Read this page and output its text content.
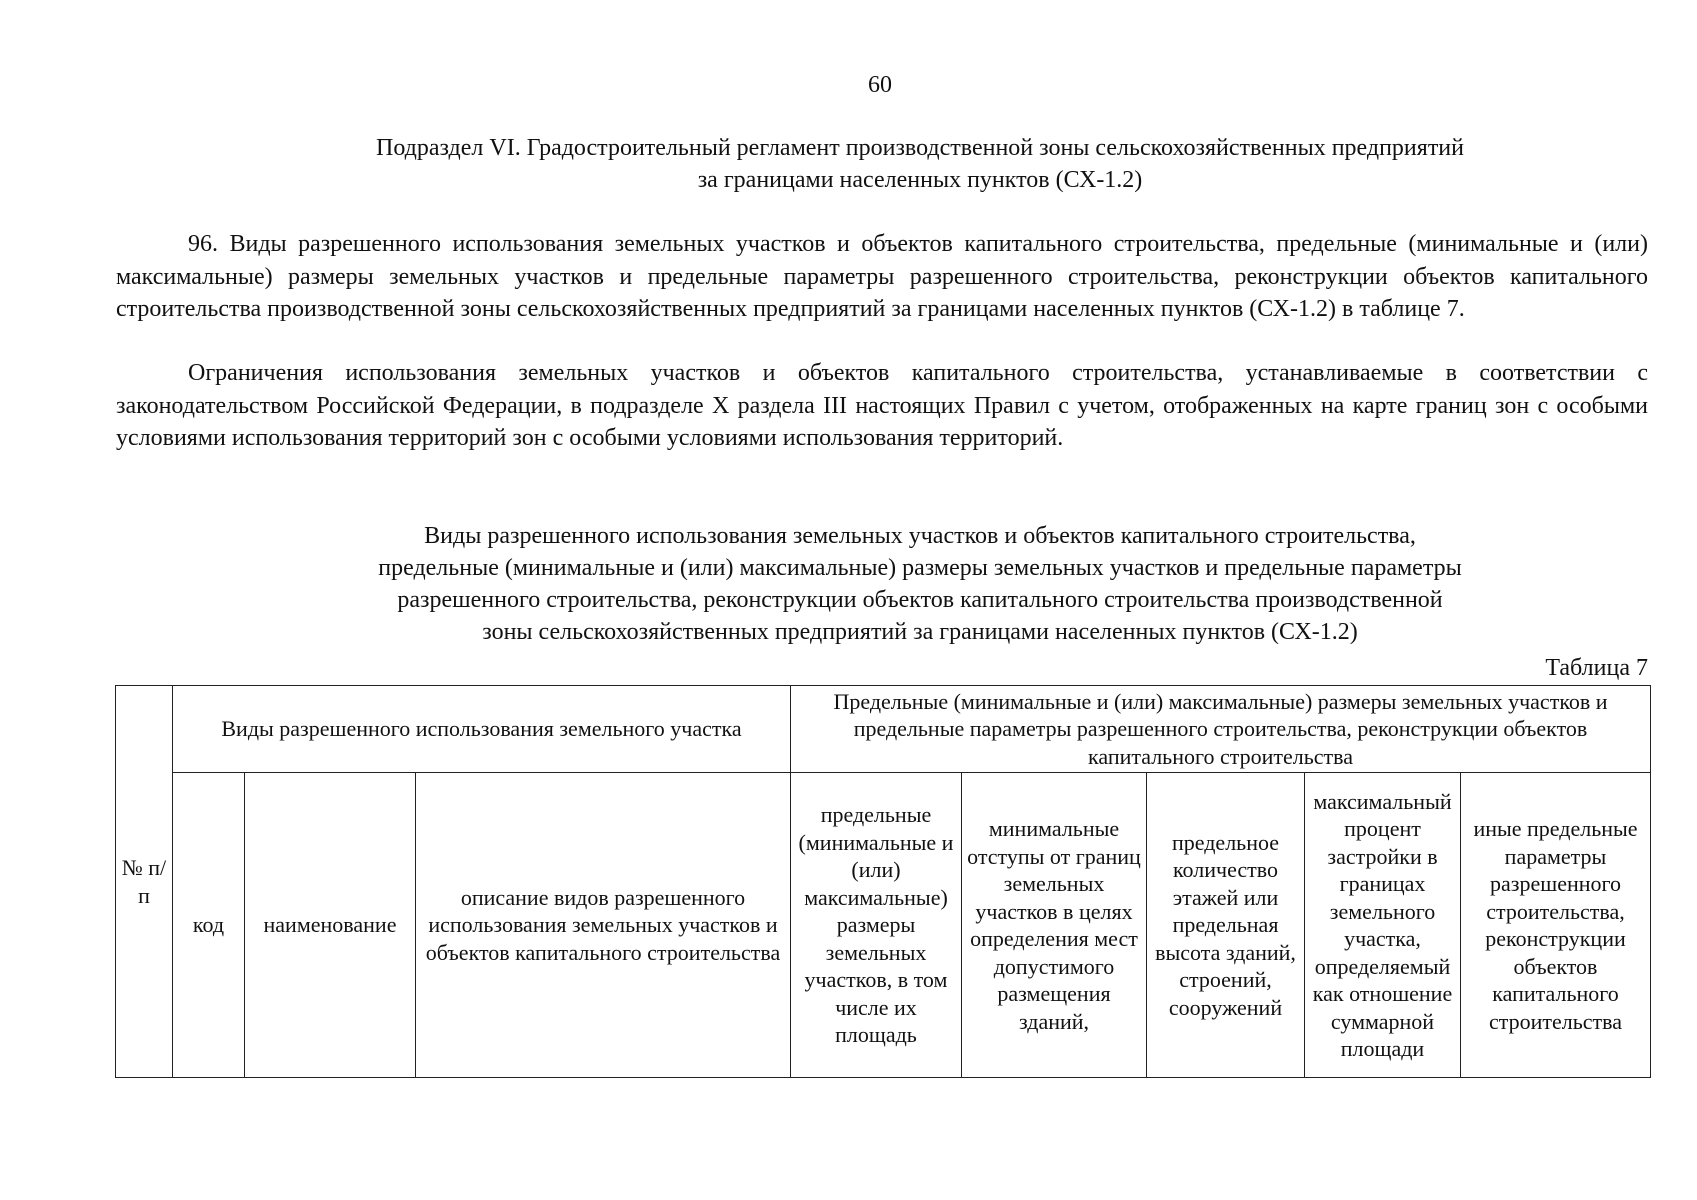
60
Подраздел VI. Градостроительный регламент производственной зоны сельскохозяйственных предприятий
за границами населенных пунктов (СХ-1.2)

96. Виды разрешенного использования земельных участков и объектов капитального строительства, предельные (минимальные и (или) максимальные) размеры земельных участков и предельные параметры разрешенного строительства, реконструкции объектов капитального строительства производственной зоны сельскохозяйственных предприятий за границами населенных пунктов (СХ-1.2) в таблице 7.

Ограничения использования земельных участков и объектов капитального строительства, устанавливаемые в соответствии с законодательством Российской Федерации, в подразделе X раздела III настоящих Правил с учетом, отображенных на карте границ зон с особыми условиями использования территорий зон с особыми условиями использования территорий.

Виды разрешенного использования земельных участков и объектов капитального строительства,
предельные (минимальные и (или) максимальные) размеры земельных участков и предельные параметры
разрешенного строительства, реконструкции объектов капитального строительства производственной
зоны сельскохозяйственных предприятий за границами населенных пунктов (СХ-1.2)
Таблица 7
№ п/п	Виды разрешенного использования земельного участка			Предельные (минимальные и (или) максимальные) размеры земельных участков и предельные параметры разрешенного строительства, реконструкции объектов капитального строительства				
	код	наименование	описание видов разрешенного использования земельных участков и объектов капитального строительства	предельные (минимальные и (или) максимальные) размеры земельных участков, в том числе их площадь	минимальные отступы от границ земельных участков в целях определения мест допустимого размещения зданий,	предельное количество этажей или предельная высота зданий, строений, сооружений	максимальный процент застройки в границах земельного участка, определяемый как отношение суммарной площади	иные предельные параметры разрешенного строительства, реконструкции объектов капитального строительства
